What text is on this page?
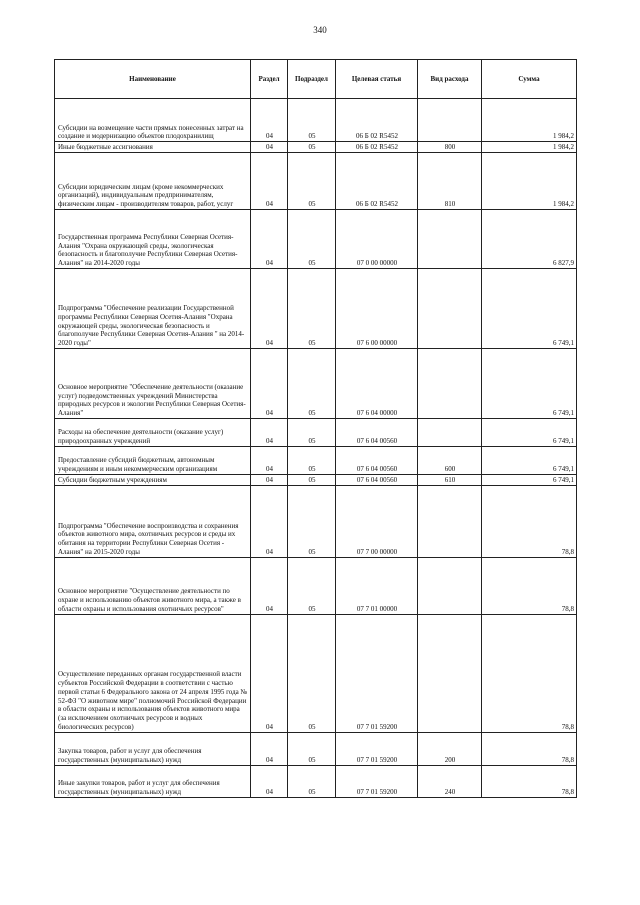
340
Наименование	Раздел	Подраздел	Целевая статья	Вид расхода	Сумма
Субсидии на возмещение части прямых понесенных затрат на создание и модернизацию объектов плодохранилищ	04	05	06 Б 02 R5452		1 984,2
Иные бюджетные ассигнования	04	05	06 Б 02 R5452	800	1 984,2
Субсидии юридическим лицам (кроме некоммерческих организаций), индивидуальным предпринимателям, физическим лицам - производителям товаров, работ, услуг	04	05	06 Б 02 R5452	810	1 984,2
Государственная программа Республики Северная Осетия-Алания "Охрана окружающей среды, экологическая безопасность и благополучие Республики Северная Осетия-Алания" на 2014-2020 годы	04	05	07 0 00 00000		6 827,9
Подпрограмма "Обеспечение реализации Государственной программы Республики Северная Осетия-Алания "Охрана окружающей среды, экологическая безопасность и благополучие Республики Северная Осетия-Алания " на 2014-2020 годы"	04	05	07 6 00 00000		6 749,1
Основное мероприятие "Обеспечение деятельности (оказание услуг) подведомственных учреждений Министерства природных ресурсов и экологии Республики Северная Осетия-Алания"	04	05	07 6 04 00000		6 749,1
Расходы на обеспечение деятельности (оказание услуг) природоохранных учреждений	04	05	07 6 04 00560		6 749,1
Предоставление субсидий бюджетным, автономным учреждениям и иным некоммерческим организациям	04	05	07 6 04 00560	600	6 749,1
Субсидии бюджетным учреждениям	04	05	07 6 04 00560	610	6 749,1
Подпрограмма "Обеспечение воспроизводства и сохранения объектов животного мира, охотничьих ресурсов и среды их обитания на территории Республики Северная Осетия - Алания" на 2015-2020 годы	04	05	07 7 00 00000		78,8
Основное мероприятие "Осуществление деятельности по охране и использованию объектов животного мира, а также в области охраны и использования охотничьих ресурсов"	04	05	07 7 01 00000		78,8
Осуществление переданных органам государственной власти субъектов Российской Федерации в соответствии с частью первой статьи 6 Федерального закона от 24 апреля 1995 года № 52-ФЗ "О животном мире" полномочий Российской Федерации в области охраны и использования объектов животного мира (за исключением охотничьих ресурсов и водных биологических ресурсов)	04	05	07 7 01 59200		78,8
Закупка товаров, работ и услуг для обеспечения государственных (муниципальных) нужд	04	05	07 7 01 59200	200	78,8
Иные закупки товаров, работ и услуг для обеспечения государственных (муниципальных) нужд	04	05	07 7 01 59200	240	78,8
